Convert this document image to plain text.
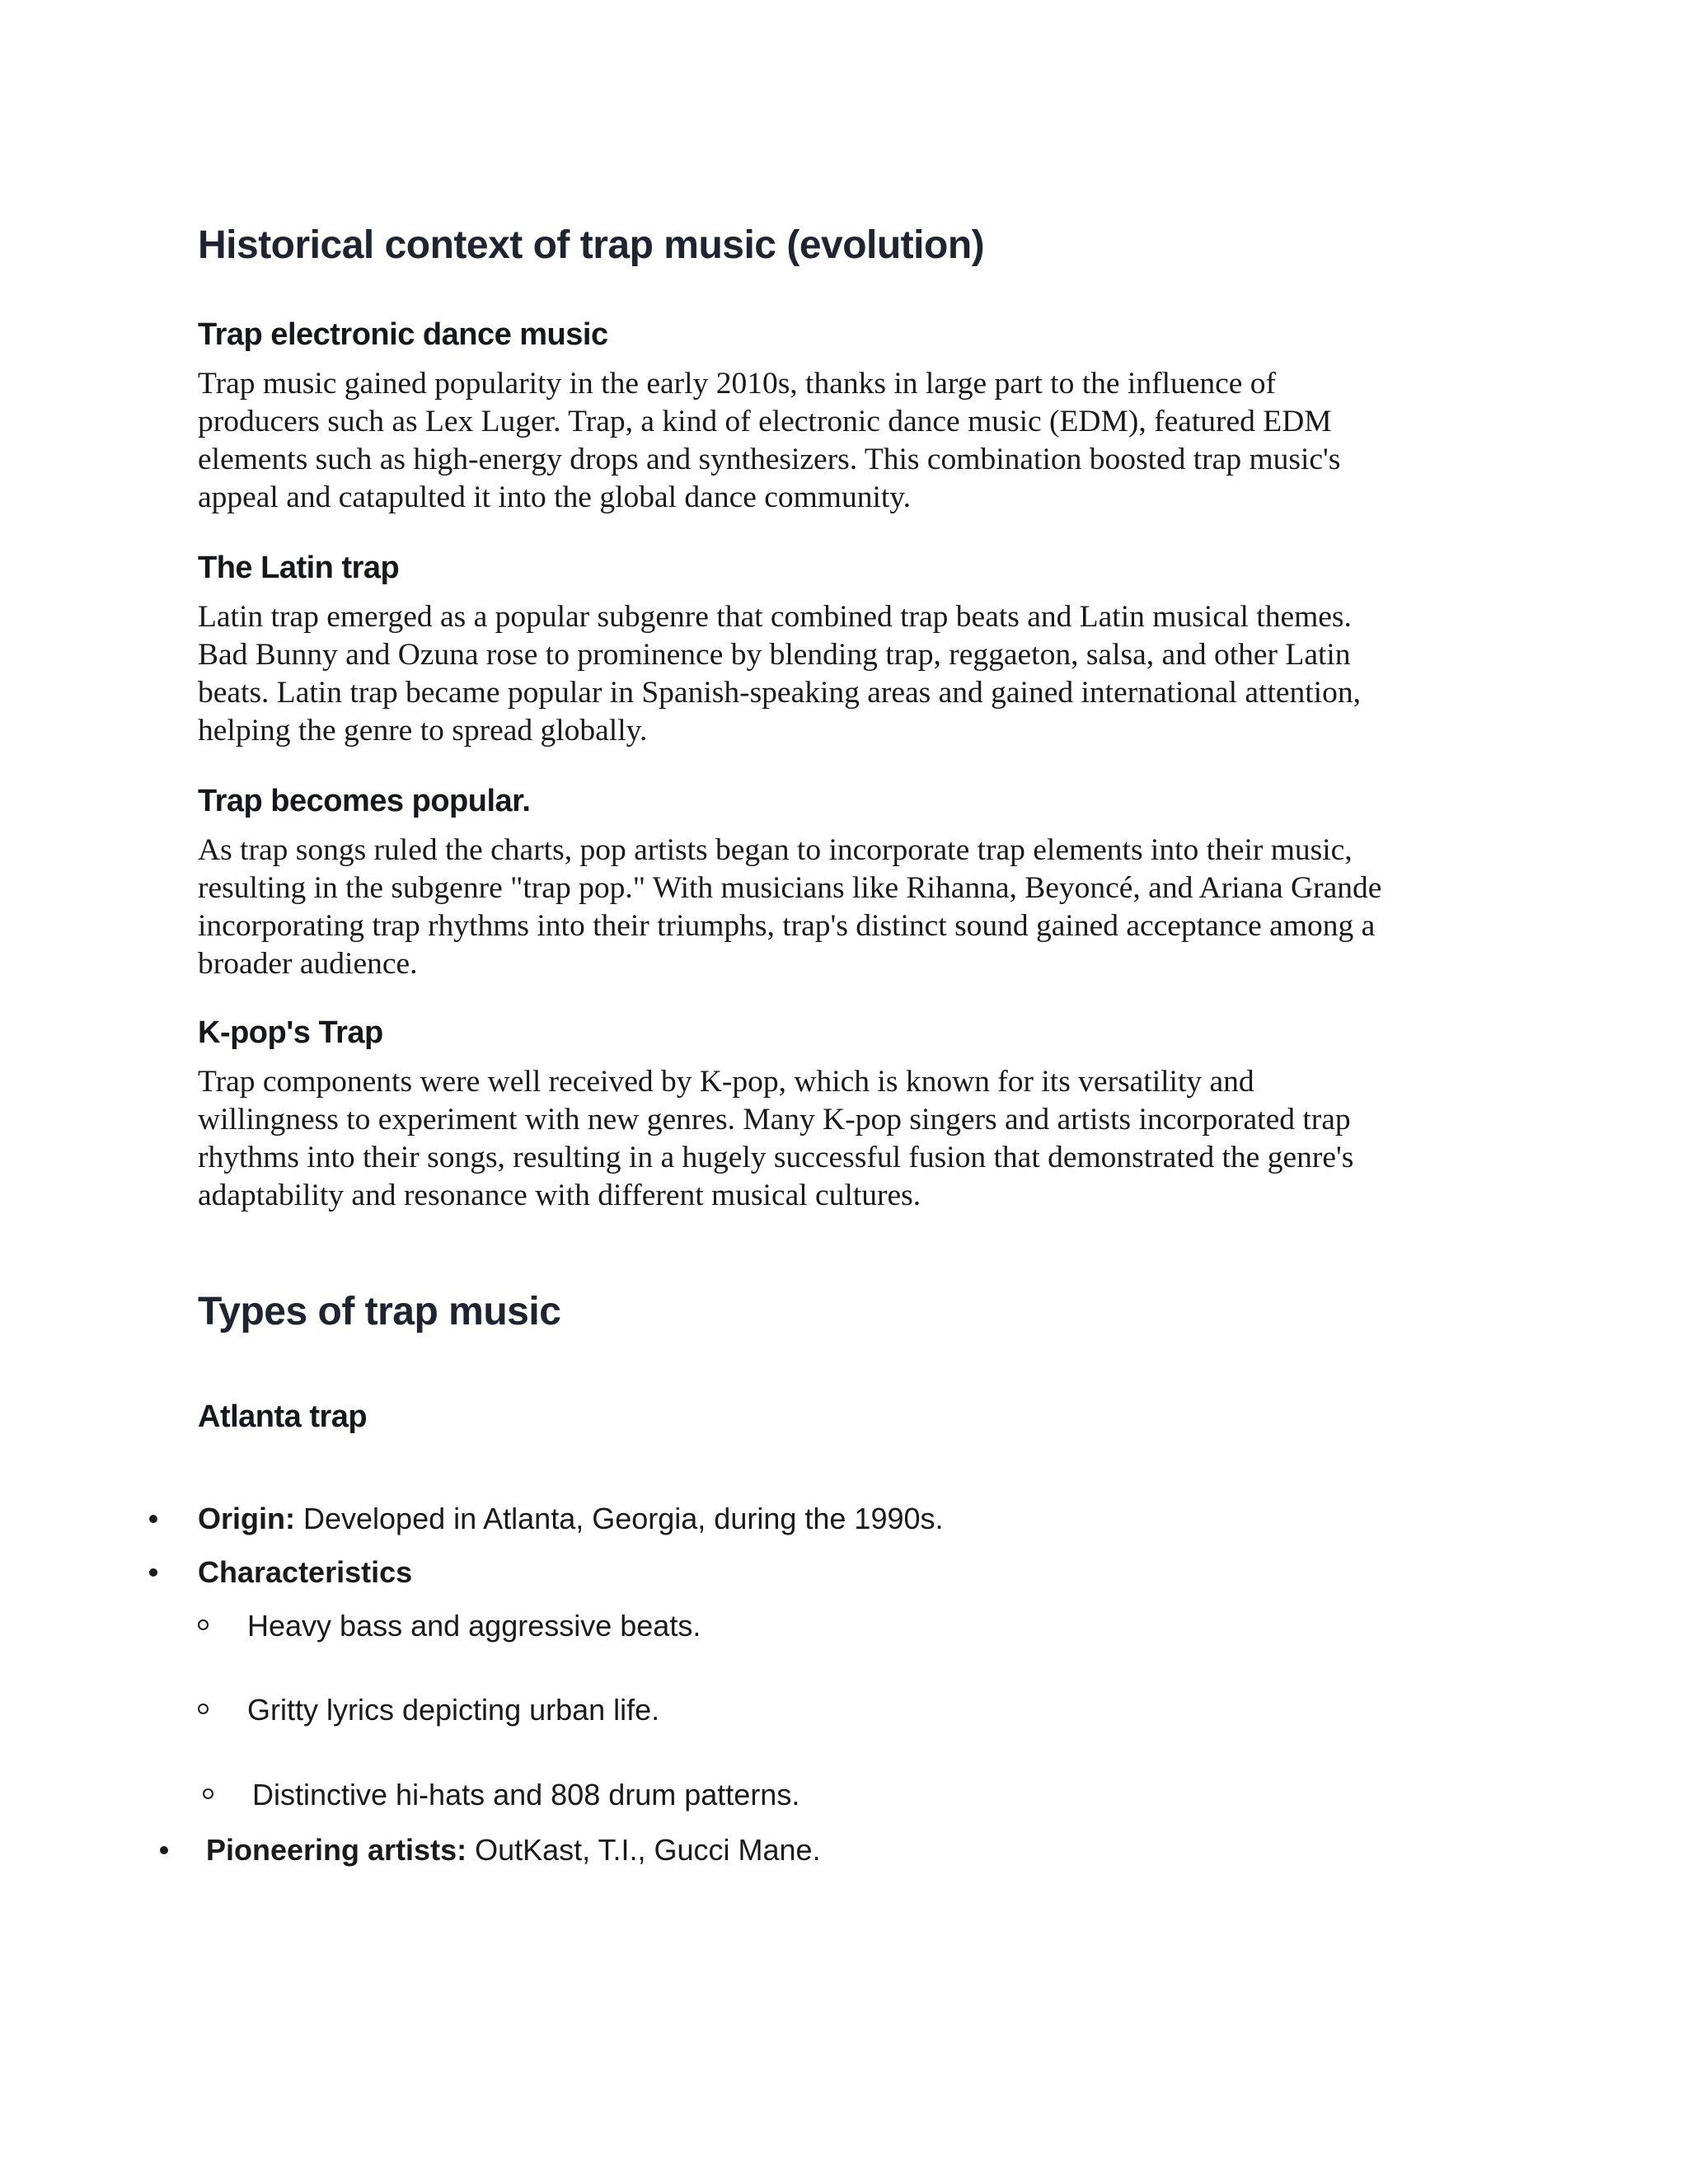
Historical context of trap music (evolution)
Trap electronic dance music

Trap music gained popularity in the early 2010s, thanks in large part to the influence of
producers such as Lex Luger. Trap, a kind of electronic dance music (EDM), featured EDM
elements such as high-energy drops and synthesizers. This combination boosted trap music's
appeal and catapulted it into the global dance community.

The Latin trap

Latin trap emerged as a popular subgenre that combined trap beats and Latin musical themes.
Bad Bunny and Ozuna rose to prominence by blending trap, reggaeton, salsa, and other Latin
beats. Latin trap became popular in Spanish-speaking areas and gained international attention,
helping the genre to spread globally.

Trap becomes popular.

As trap songs ruled the charts, pop artists began to incorporate trap elements into their music,
resulting in the subgenre "trap pop." With musicians like Rihanna, Beyoncé, and Ariana Grande
incorporating trap rhythms into their triumphs, trap's distinct sound gained acceptance among a
broader audience.

K-pop's Trap

Trap components were well received by K-pop, which is known for its versatility and
willingness to experiment with new genres. Many K-pop singers and artists incorporated trap
rhythms into their songs, resulting in a hugely successful fusion that demonstrated the genre's
adaptability and resonance with different musical cultures.

Types of trap music
Atlanta trap
Origin: Developed in Atlanta, Georgia, during the 1990s.
Characteristics
Heavy bass and aggressive beats.
Gritty lyrics depicting urban life.
Distinctive hi-hats and 808 drum patterns.
Pioneering artists: OutKast, T.I., Gucci Mane.
